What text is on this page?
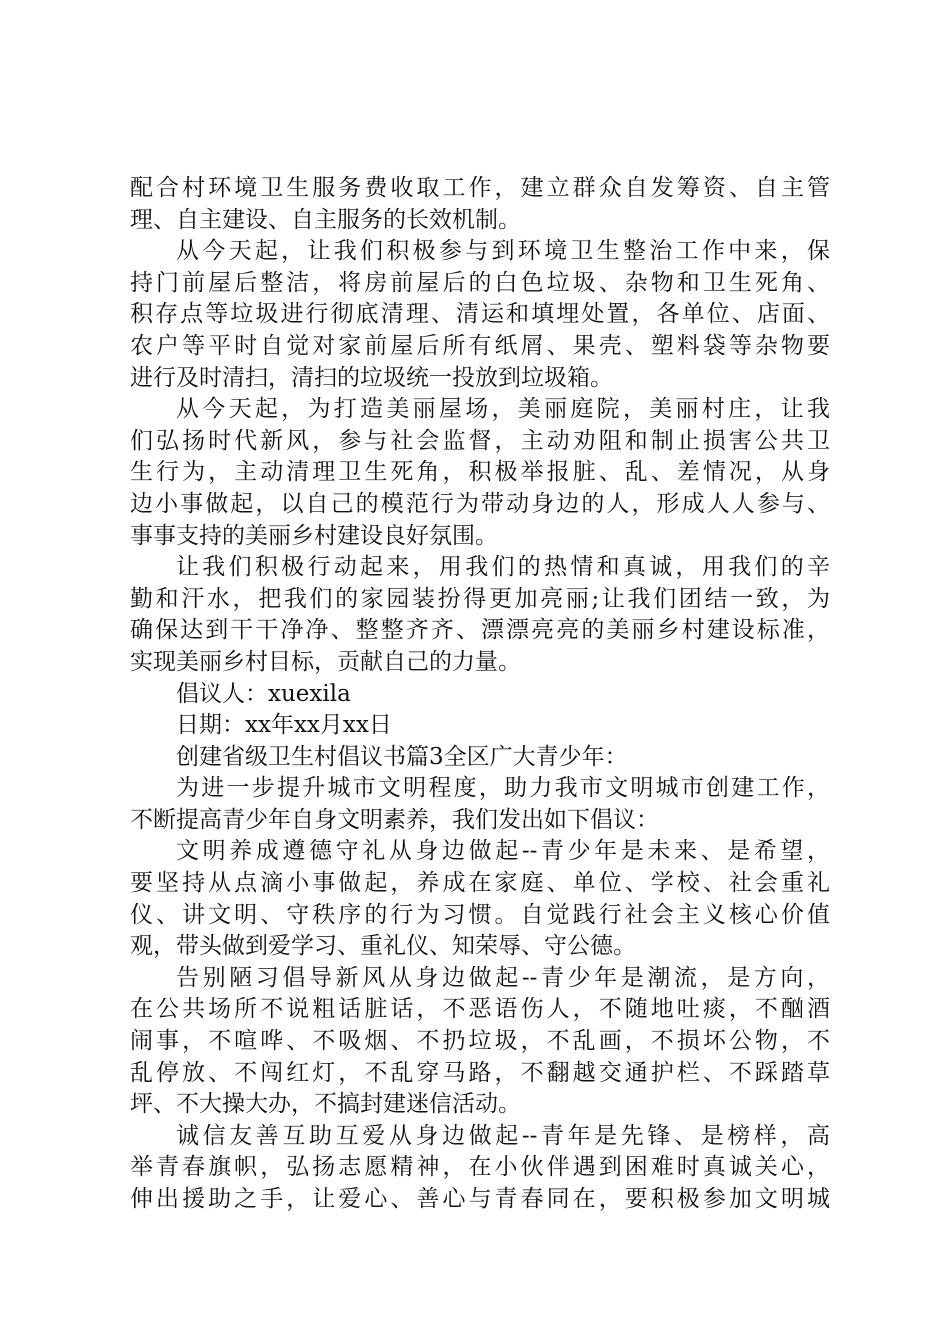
配合村环境卫生服务费收取工作，建立群众自发筹资、自主管
理、自主建设、自主服务的长效机制。
从今天起，让我们积极参与到环境卫生整治工作中来，保
持门前屋后整洁，将房前屋后的白色垃圾、杂物和卫生死角、
积存点等垃圾进行彻底清理、清运和填埋处置，各单位、店面、
农户等平时自觉对家前屋后所有纸屑、果壳、塑料袋等杂物要
进行及时清扫，清扫的垃圾统一投放到垃圾箱。
从今天起，为打造美丽屋场，美丽庭院，美丽村庄，让我
们弘扬时代新风，参与社会监督，主动劝阻和制止损害公共卫
生行为，主动清理卫生死角，积极举报脏、乱、差情况，从身
边小事做起，以自己的模范行为带动身边的人，形成人人参与、
事事支持的美丽乡村建设良好氛围。
让我们积极行动起来，用我们的热情和真诚，用我们的辛
勤和汗水，把我们的家园装扮得更加亮丽;让我们团结一致，为
确保达到干干净净、整整齐齐、漂漂亮亮的美丽乡村建设标准，
实现美丽乡村目标，贡献自己的力量。
倡议人：xuexila
日期：xx年xx月xx日
创建省级卫生村倡议书篇3全区广大青少年：
为进一步提升城市文明程度，助力我市文明城市创建工作，
不断提高青少年自身文明素养，我们发出如下倡议：
文明养成遵德守礼从身边做起--青少年是未来、是希望，
要坚持从点滴小事做起，养成在家庭、单位、学校、社会重礼
仪、讲文明、守秩序的行为习惯。自觉践行社会主义核心价值
观，带头做到爱学习、重礼仪、知荣辱、守公德。
告别陋习倡导新风从身边做起--青少年是潮流，是方向，
在公共场所不说粗话脏话，不恶语伤人，不随地吐痰，不酗酒
闹事，不喧哗、不吸烟、不扔垃圾，不乱画，不损坏公物，不
乱停放、不闯红灯，不乱穿马路，不翻越交通护栏、不踩踏草
坪、不大操大办，不搞封建迷信活动。
诚信友善互助互爱从身边做起--青年是先锋、是榜样，高
举青春旗帜，弘扬志愿精神，在小伙伴遇到困难时真诚关心，
伸出援助之手，让爱心、善心与青春同在，要积极参加文明城
